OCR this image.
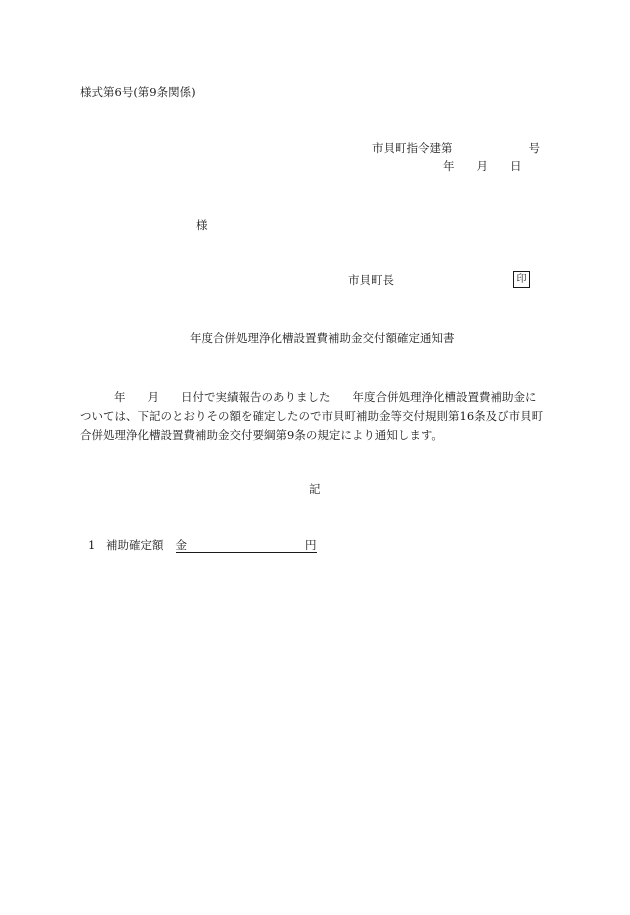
様式第6号(第9条関係)
市貝町指令建第	号
年 月 日
様
市貝町長	印
年度合併処理浄化槽設置費補助金交付額確定通知書

年 月 日付で実績報告のありました 年度合併処理浄化槽設置費補助金に

ついては、下記のとおりその額を確定したので市貝町補助金等交付規則第16条及び市貝町

合併処理浄化槽設置費補助金交付要綱第9条の規定により通知します。

記
1 補助確定額 金	円
